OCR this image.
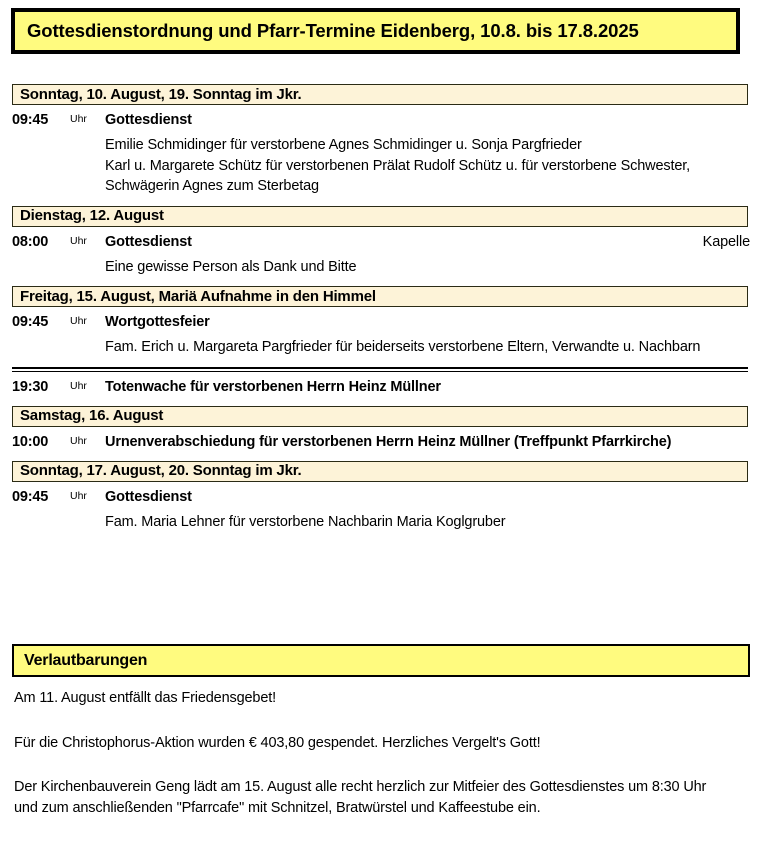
Gottesdienstordnung und Pfarr-Termine Eidenberg, 10.8. bis 17.8.2025
Sonntag, 10. August, 19. Sonntag im Jkr.
09:45 Uhr Gottesdienst
Emilie Schmidinger für verstorbene Agnes Schmidinger u. Sonja Pargfrieder
Karl u. Margarete Schütz für verstorbenen Prälat Rudolf Schütz u. für verstorbene Schwester, Schwägerin Agnes zum Sterbetag
Dienstag, 12. August
08:00 Uhr Gottesdienst	Kapelle
Eine gewisse Person als Dank und Bitte
Freitag, 15. August, Mariä Aufnahme in den Himmel
09:45 Uhr Wortgottesfeier
Fam. Erich u. Margareta Pargfrieder für beiderseits verstorbene Eltern, Verwandte u. Nachbarn
19:30 Uhr Totenwache für verstorbenen Herrn Heinz Müllner
Samstag, 16. August
10:00 Uhr Urnenverabschiedung für verstorbenen Herrn Heinz Müllner (Treffpunkt Pfarrkirche)
Sonntag, 17. August, 20. Sonntag im Jkr.
09:45 Uhr Gottesdienst
Fam. Maria Lehner für verstorbene Nachbarin Maria Koglgruber
Verlautbarungen

Am 11. August entfällt das Friedensgebet!

Für die Christophorus-Aktion wurden € 403,80 gespendet. Herzliches Vergelt's Gott!

Der Kirchenbauverein Geng lädt am 15. August alle recht herzlich zur Mitfeier des Gottesdienstes um 8:30 Uhr und zum anschließenden "Pfarrcafe" mit Schnitzel, Bratwürstel und Kaffeestube ein.
